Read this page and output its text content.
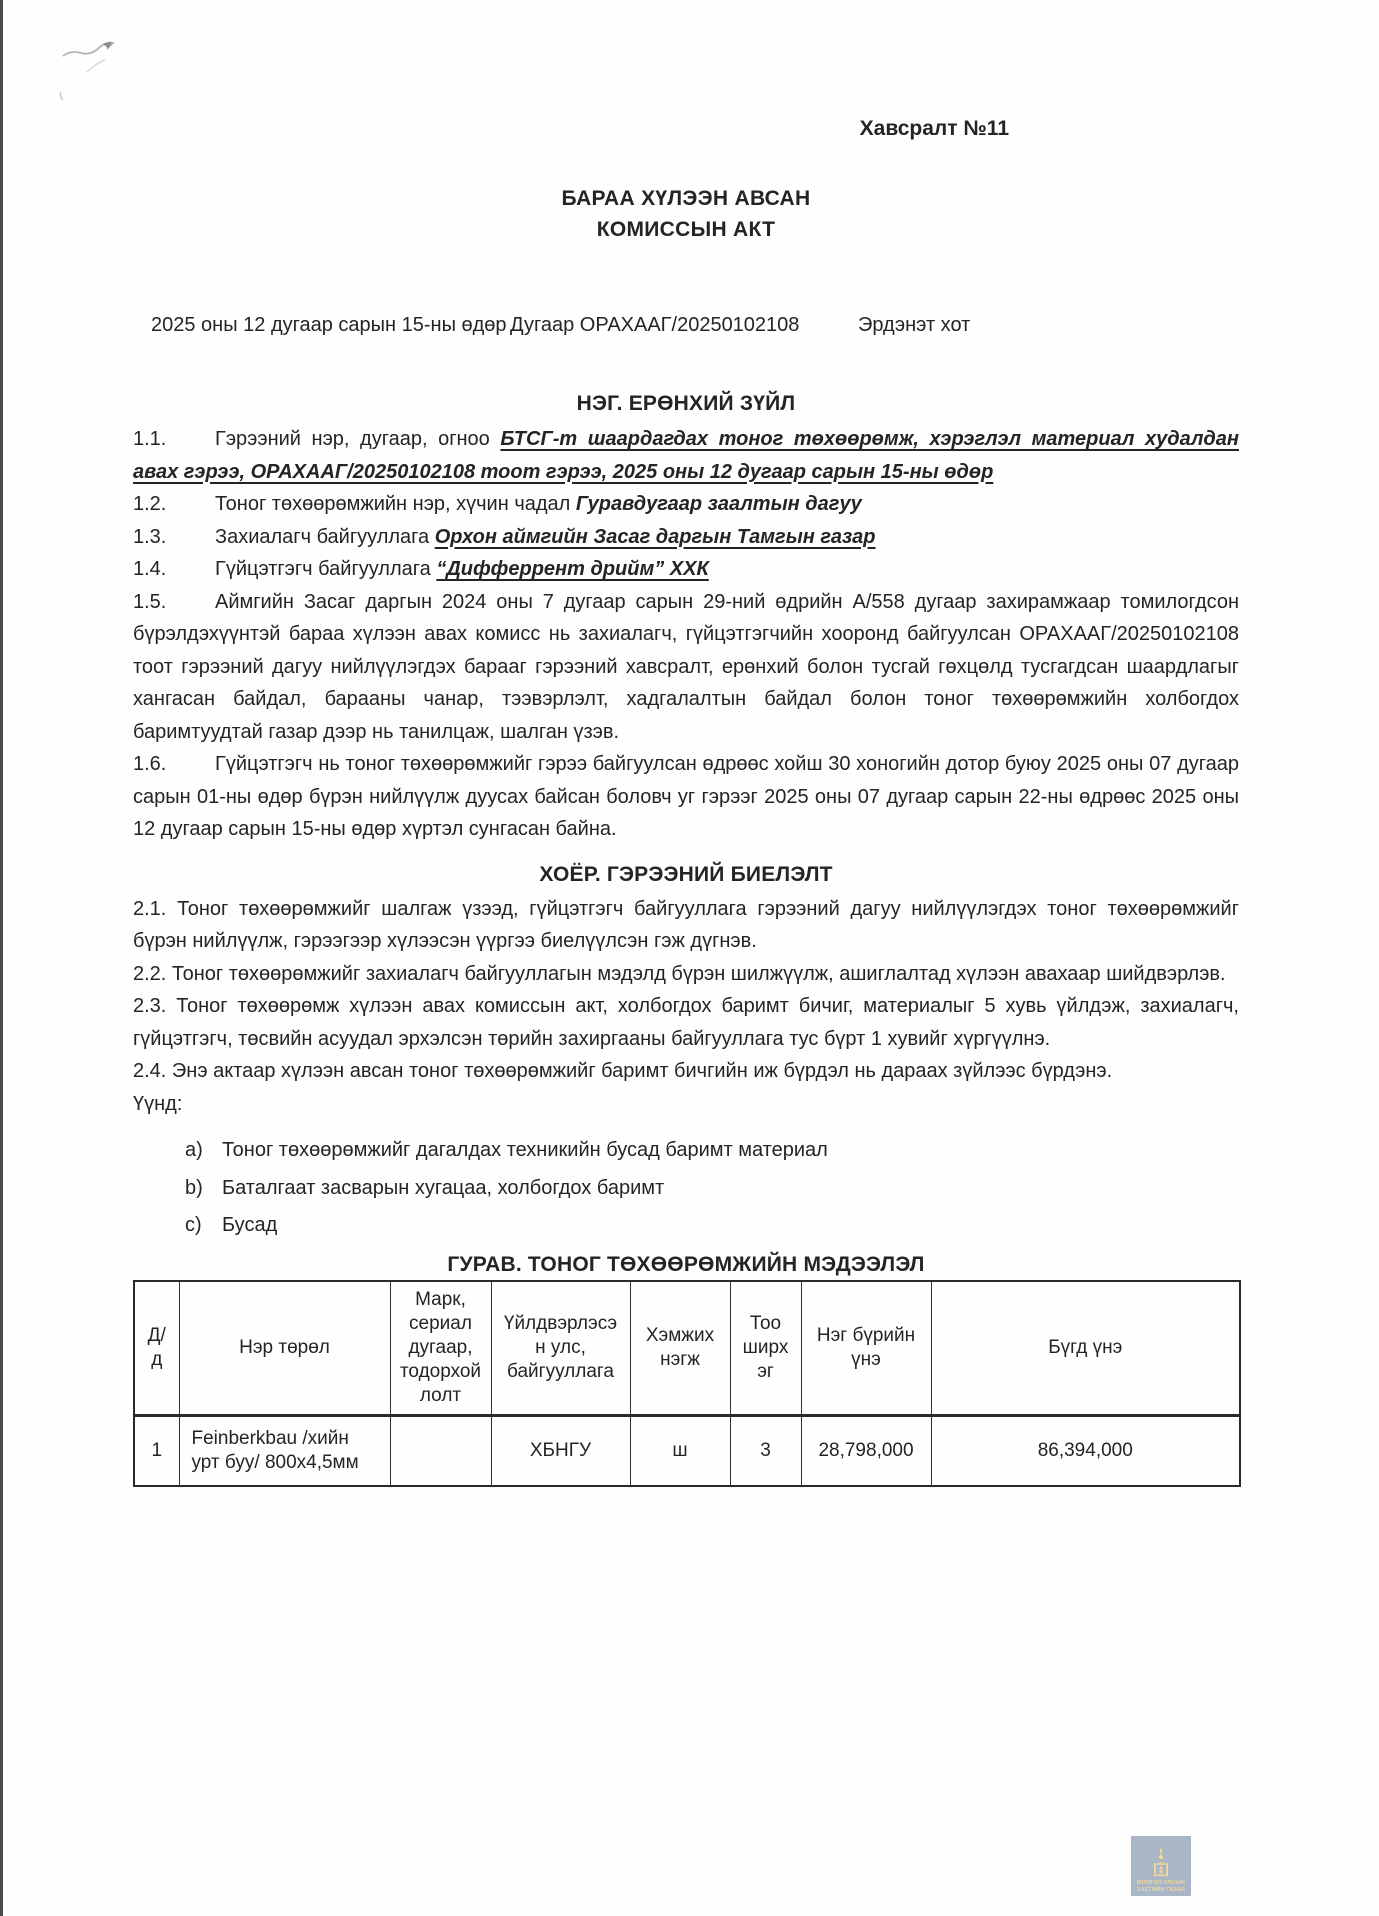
Хавсралт №11
БАРАА ХҮЛЭЭН АВСАН
КОМИССЫН АКТ
2025 оны 12 дугаар сарын 15-ны өдөр Дугаар ОРАХААГ/20250102108	Эрдэнэт хот
НЭГ. ЕРӨНХИЙ ЗҮЙЛ
1.1. Гэрээний нэр, дугаар, огноо БТСГ-т шаардагдах тоног төхөөрөмж, хэрэглэл материал худалдан авах гэрээ, ОРАХААГ/20250102108 тоот гэрээ, 2025 оны 12 дугаар сарын 15-ны өдөр
1.2. Тоног төхөөрөмжийн нэр, хүчин чадал Гуравдугаар заалтын дагуу
1.3. Захиалагч байгууллага Орхон аймгийн Засаг даргын Тамгын газар
1.4. Гүйцэтгэгч байгууллага “Дифферрент дрийм” ХХК
1.5. Аймгийн Засаг даргын 2024 оны 7 дугаар сарын 29-ний өдрийн А/558 дугаар захирамжаар томилогдсон бүрэлдэхүүнтэй бараа хүлээн авах комисс нь захиалагч, гүйцэтгэгчийн хооронд байгуулсан ОРАХААГ/20250102108 тоот гэрээний дагуу нийлүүлэгдэх барааг гэрээний хавсралт, ерөнхий болон тусгай гөхцөлд тусгагдсан шаардлагыг хангасан байдал, барааны чанар, тээвэрлэлт, хадгалалтын байдал болон тоног төхөөрөмжийн холбогдох баримтуудтай газар дээр нь танилцаж, шалган үзэв.
1.6. Гүйцэтгэгч нь тоног төхөөрөмжийг гэрээ байгуулсан өдрөөс хойш 30 хоногийн дотор буюу 2025 оны 07 дугаар сарын 01-ны өдөр бүрэн нийлүүлж дуусах байсан боловч уг гэрээг 2025 оны 07 дугаар сарын 22-ны өдрөөс 2025 оны 12 дугаар сарын 15-ны өдөр хүртэл сунгасан байна.
ХОЁР. ГЭРЭЭНИЙ БИЕЛЭЛТ
2.1. Тоног төхөөрөмжийг шалгаж үзээд, гүйцэтгэгч байгууллага гэрээний дагуу нийлүүлэгдэх тоног төхөөрөмжийг бүрэн нийлүүлж, гэрээгээр хүлээсэн үүргээ биелүүлсэн гэж дүгнэв.
2.2. Тоног төхөөрөмжийг захиалагч байгууллагын мэдэлд бүрэн шилжүүлж, ашиглалтад хүлээн авахаар шийдвэрлэв.
2.3. Тоног төхөөрөмж хүлээн авах комиссын акт, холбогдох баримт бичиг, материалыг 5 хувь үйлдэж, захиалагч, гүйцэтгэгч, төсвийн асуудал эрхэлсэн төрийн захиргааны байгууллага тус бүрт 1 хувийг хүргүүлнэ.
2.4. Энэ актаар хүлээн авсан тоног төхөөрөмжийг баримт бичгийн иж бүрдэл нь дараах зүйлээс бүрдэнэ.
Үүнд:
a) Тоног төхөөрөмжийг дагалдах техникийн бусад баримт материал
b) Баталгаат засварын хугацаа, холбогдох баримт
c) Бусад
ГУРАВ. ТОНОГ ТӨХӨӨРӨМЖИЙН МЭДЭЭЛЭЛ
Д/д	Нэр төрөл	Марк, сериал дугаар, тодорхойлолт	Үйлдвэрлэсэн улс, байгууллага	Хэмжих нэгж	Тоо ширхэг	Нэг бүрийн үнэ	Бүгд үнэ
1	Feinberkbau /хийн урт буу/ 800х4,5мм		ХБНГУ	ш	3	28,798,000	86,394,000
МОНГОЛ УЛСЫН
ЗАСГИЙН ГАЗАР
